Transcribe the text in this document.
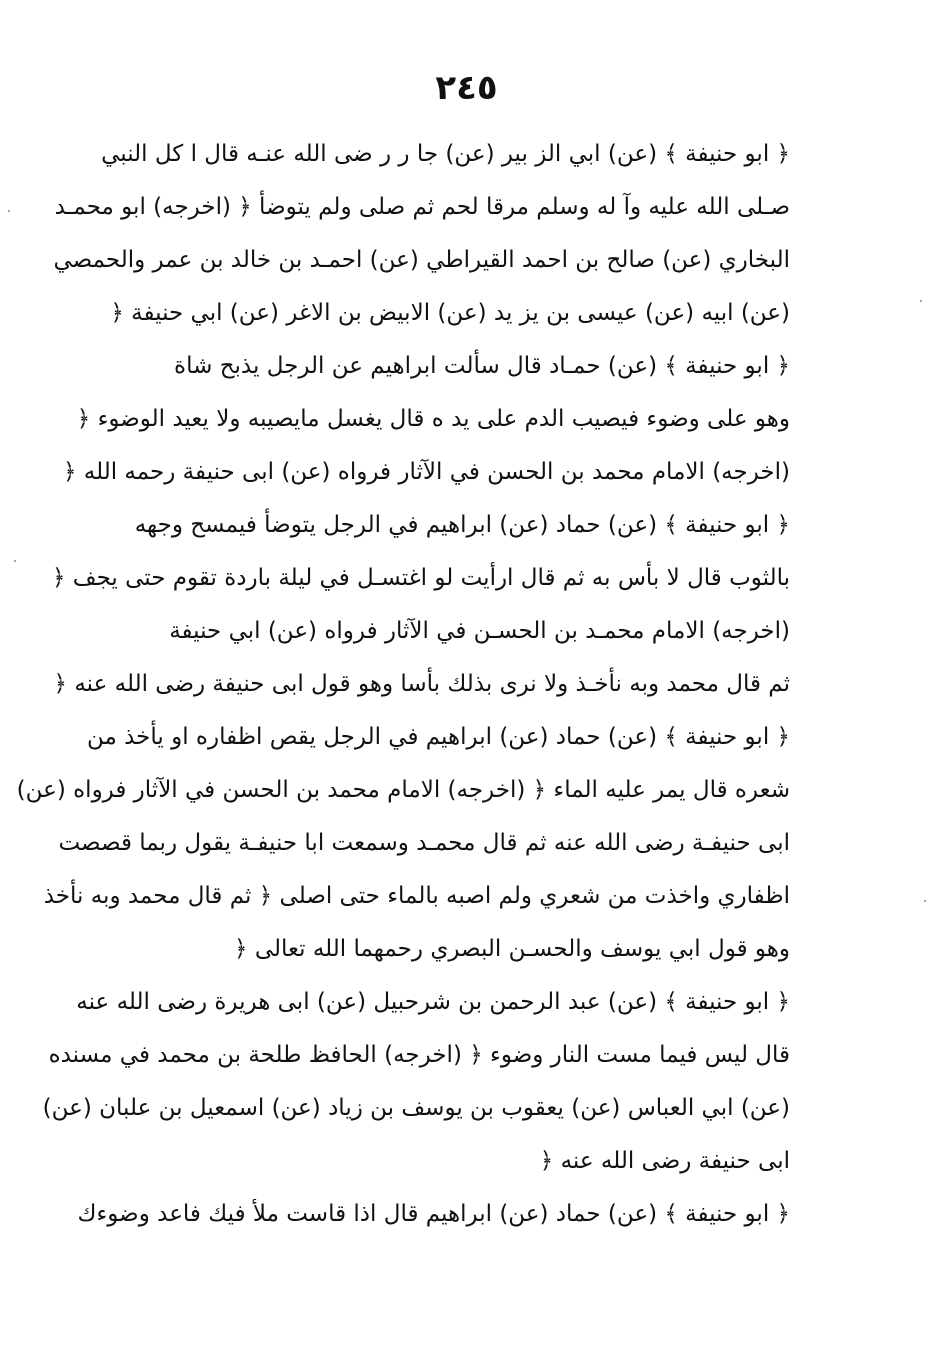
٢٤٥
﴿ ابو حنيفة ﴾ (عن) ابي الز بير (عن) جا ر ر ضى الله عنـه قال ا كل النبي
صـلى الله عليه وآ له وسلم مرقا لحم ثم صلى ولم يتوضأ ﴿ (اخرجه) ابو محمـد
البخاري (عن) صالح بن احمد القيراطي (عن) احمـد بن خالد بن عمر والحمصي
(عن) ابيه (عن) عيسى بن يز يد (عن) الابيض بن الاغر (عن) ابي حنيفة ﴿
﴿ ابو حنيفة ﴾ (عن) حمـاد قال سألت ابراهيم عن الرجل يذبح شاة
وهو على وضوء فيصيب الدم على يد ه قال يغسل مايصيبه ولا يعيد الوضوء ﴿
(اخرجه) الامام محمد بن الحسن في الآثار فرواه (عن) ابى حنيفة رحمه الله ﴿
﴿ ابو حنيفة ﴾ (عن) حماد (عن) ابراهيم في الرجل يتوضأ فيمسح وجهه
بالثوب قال لا بأس به ثم قال ارأيت لو اغتسـل في ليلة باردة تقوم حتى يجف ﴿
(اخرجه) الامام محمـد بن الحسـن في الآثار فرواه (عن) ابي حنيفة
ثم قال محمد وبه نأخـذ ولا نرى بذلك بأسا وهو قول ابى حنيفة رضى الله عنه ﴿
﴿ ابو حنيفة ﴾ (عن) حماد (عن) ابراهيم في الرجل يقص اظفاره او يأخذ من
شعره قال يمر عليه الماء ﴿ (اخرجه) الامام محمد بن الحسن في الآثار فرواه (عن)
ابى حنيفـة رضى الله عنه ثم قال محمـد وسمعت ابا حنيفـة يقول ربما قصصت
اظفاري واخذت من شعري ولم اصبه بالماء حتى اصلى ﴿ ثم قال محمد وبه نأخذ
وهو قول ابي يوسف والحسـن البصري رحمهما الله تعالى ﴿
﴿ ابو حنيفة ﴾ (عن) عبد الرحمن بن شرحبيل (عن) ابى هريرة رضى الله عنه
قال ليس فيما مست النار وضوء ﴿ (اخرجه) الحافظ طلحة بن محمد في مسنده
(عن) ابي العباس (عن) يعقوب بن يوسف بن زياد (عن) اسمعيل بن علبان (عن)
ابى حنيفة رضى الله عنه ﴿
﴿ ابو حنيفة ﴾ (عن) حماد (عن) ابراهيم قال اذا قاست ملأ فيك فاعد وضوءك
